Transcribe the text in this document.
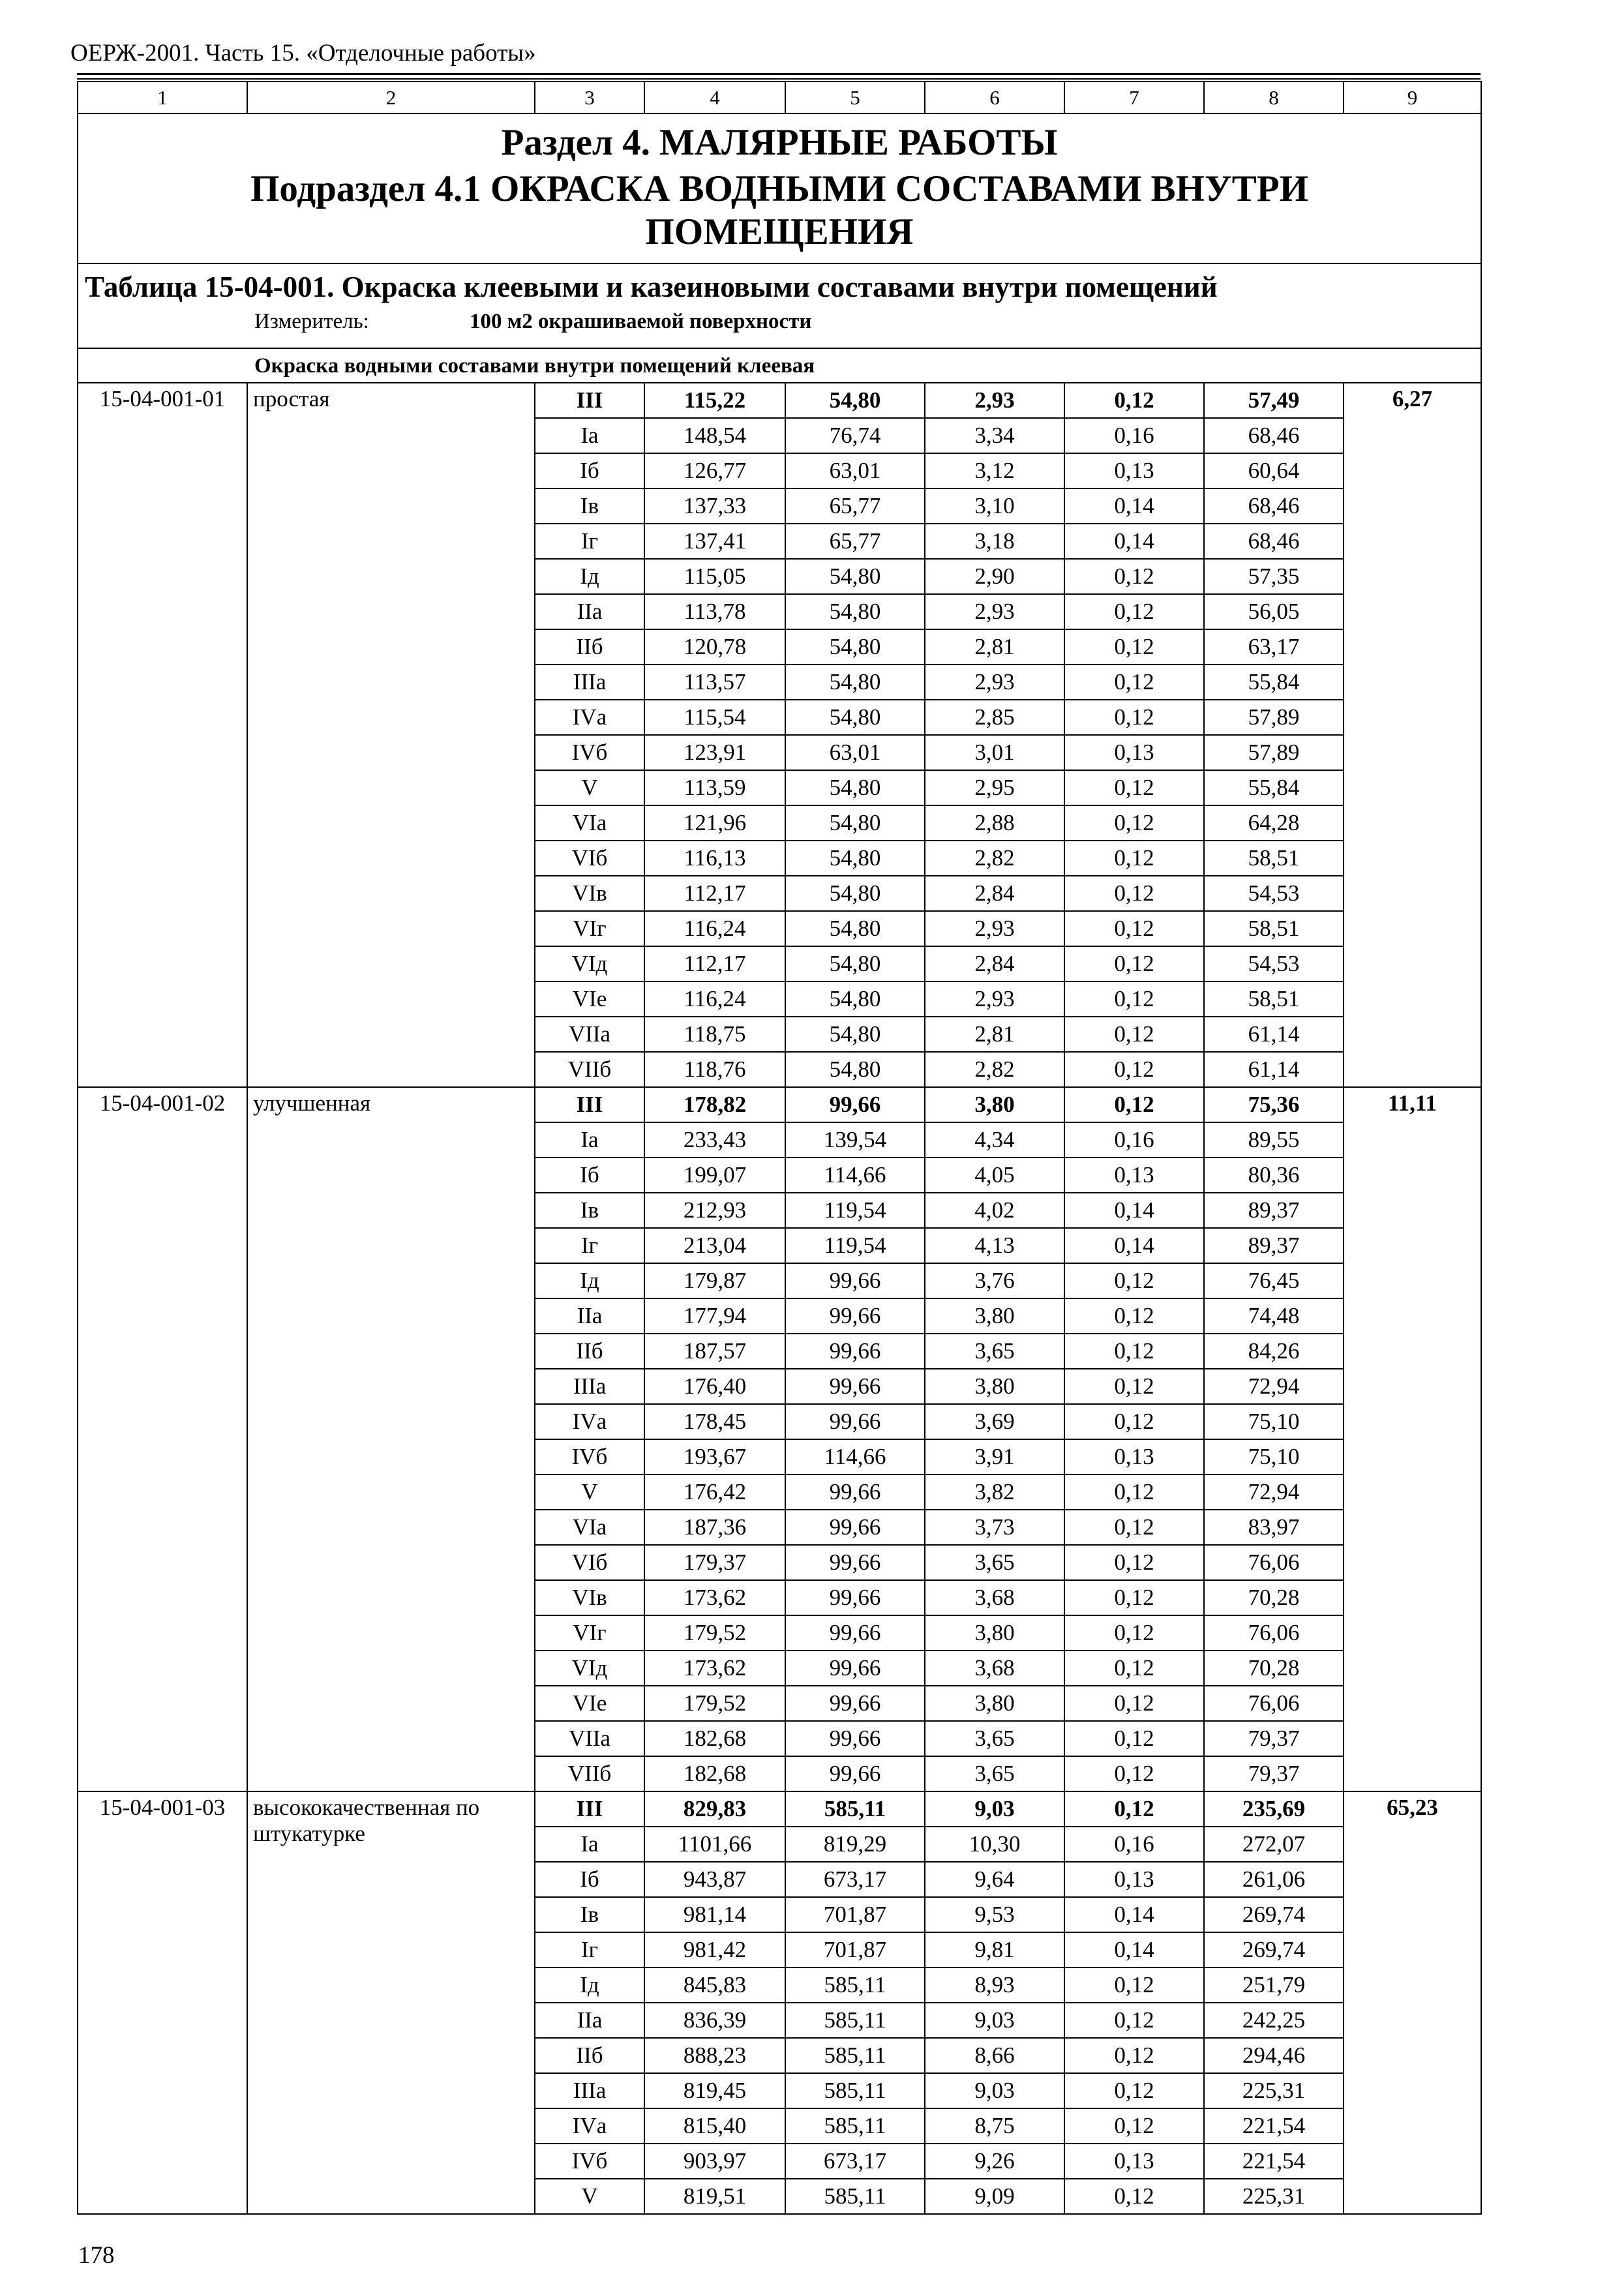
ОЕРЖ-2001. Часть 15. «Отделочные работы»
1	2	3	4	5	6	7	8	9

Раздел 4. МАЛЯРНЫЕ РАБОТЫ
Подраздел 4.1 ОКРАСКА ВОДНЫМИ СОСТАВАМИ ВНУТРИ ПОМЕЩЕНИЯ								

Таблица 15-04-001. Окраска клеевыми и казеиновыми составами внутри помещений
Измеритель: 100 м2 окрашиваемой поверхности								

Окраска водными составами внутри помещений клеевая								
15-04-001-01	простая	III	115,22	54,80	2,93	0,12	57,49	6,27
		Iа	148,54	76,74	3,34	0,16	68,46	
		Iб	126,77	63,01	3,12	0,13	60,64	
		Iв	137,33	65,77	3,10	0,14	68,46	
		Iг	137,41	65,77	3,18	0,14	68,46	
		Iд	115,05	54,80	2,90	0,12	57,35	
		IIа	113,78	54,80	2,93	0,12	56,05	
		IIб	120,78	54,80	2,81	0,12	63,17	
		IIIа	113,57	54,80	2,93	0,12	55,84	
		IVа	115,54	54,80	2,85	0,12	57,89	
		IVб	123,91	63,01	3,01	0,13	57,89	
		V	113,59	54,80	2,95	0,12	55,84	
		VIа	121,96	54,80	2,88	0,12	64,28	
		VIб	116,13	54,80	2,82	0,12	58,51	
		VIв	112,17	54,80	2,84	0,12	54,53	
		VIг	116,24	54,80	2,93	0,12	58,51	
		VIд	112,17	54,80	2,84	0,12	54,53	
		VIе	116,24	54,80	2,93	0,12	58,51	
		VIIа	118,75	54,80	2,81	0,12	61,14	
		VIIб	118,76	54,80	2,82	0,12	61,14	
15-04-001-02	улучшенная	III	178,82	99,66	3,80	0,12	75,36	11,11
		Iа	233,43	139,54	4,34	0,16	89,55	
		Iб	199,07	114,66	4,05	0,13	80,36	
		Iв	212,93	119,54	4,02	0,14	89,37	
		Iг	213,04	119,54	4,13	0,14	89,37	
		Iд	179,87	99,66	3,76	0,12	76,45	
		IIа	177,94	99,66	3,80	0,12	74,48	
		IIб	187,57	99,66	3,65	0,12	84,26	
		IIIа	176,40	99,66	3,80	0,12	72,94	
		IVа	178,45	99,66	3,69	0,12	75,10	
		IVб	193,67	114,66	3,91	0,13	75,10	
		V	176,42	99,66	3,82	0,12	72,94	
		VIа	187,36	99,66	3,73	0,12	83,97	
		VIб	179,37	99,66	3,65	0,12	76,06	
		VIв	173,62	99,66	3,68	0,12	70,28	
		VIг	179,52	99,66	3,80	0,12	76,06	
		VIд	173,62	99,66	3,68	0,12	70,28	
		VIе	179,52	99,66	3,80	0,12	76,06	
		VIIа	182,68	99,66	3,65	0,12	79,37	
		VIIб	182,68	99,66	3,65	0,12	79,37	
15-04-001-03	высококачественная по штукатурке	III	829,83	585,11	9,03	0,12	235,69	65,23
		Iа	1101,66	819,29	10,30	0,16	272,07	
		Iб	943,87	673,17	9,64	0,13	261,06	
		Iв	981,14	701,87	9,53	0,14	269,74	
		Iг	981,42	701,87	9,81	0,14	269,74	
		Iд	845,83	585,11	8,93	0,12	251,79	
		IIа	836,39	585,11	9,03	0,12	242,25	
		IIб	888,23	585,11	8,66	0,12	294,46	
		IIIа	819,45	585,11	9,03	0,12	225,31	
		IVа	815,40	585,11	8,75	0,12	221,54	
		IVб	903,97	673,17	9,26	0,13	221,54	
		V	819,51	585,11	9,09	0,12	225,31	
178
